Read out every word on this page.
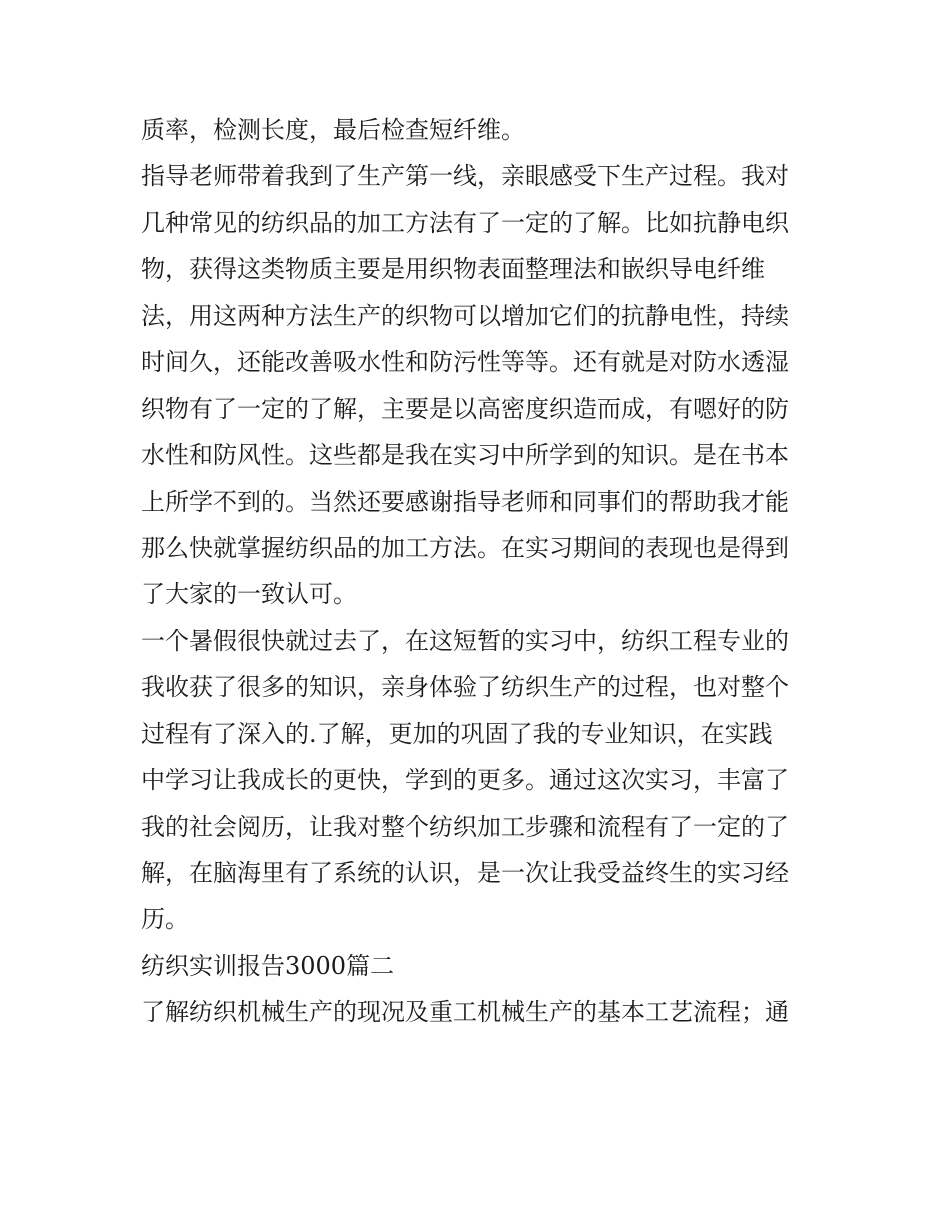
质率，检测长度，最后检查短纤维。

指导老师带着我到了生产第一线，亲眼感受下生产过程。我对

几种常见的纺织品的加工方法有了一定的了解。比如抗静电织

物，获得这类物质主要是用织物表面整理法和嵌织导电纤维

法，用这两种方法生产的织物可以增加它们的抗静电性，持续

时间久，还能改善吸水性和防污性等等。还有就是对防水透湿

织物有了一定的了解，主要是以高密度织造而成，有嗯好的防

水性和防风性。这些都是我在实习中所学到的知识。是在书本

上所学不到的。当然还要感谢指导老师和同事们的帮助我才能

那么快就掌握纺织品的加工方法。在实习期间的表现也是得到

了大家的一致认可。

一个暑假很快就过去了，在这短暂的实习中，纺织工程专业的

我收获了很多的知识，亲身体验了纺织生产的过程，也对整个

过程有了深入的.了解，更加的巩固了我的专业知识，在实践

中学习让我成长的更快，学到的更多。通过这次实习，丰富了

我的社会阅历，让我对整个纺织加工步骤和流程有了一定的了

解，在脑海里有了系统的认识，是一次让我受益终生的实习经

历。

纺织实训报告3000篇二

了解纺织机械生产的现况及重工机械生产的基本工艺流程；通
